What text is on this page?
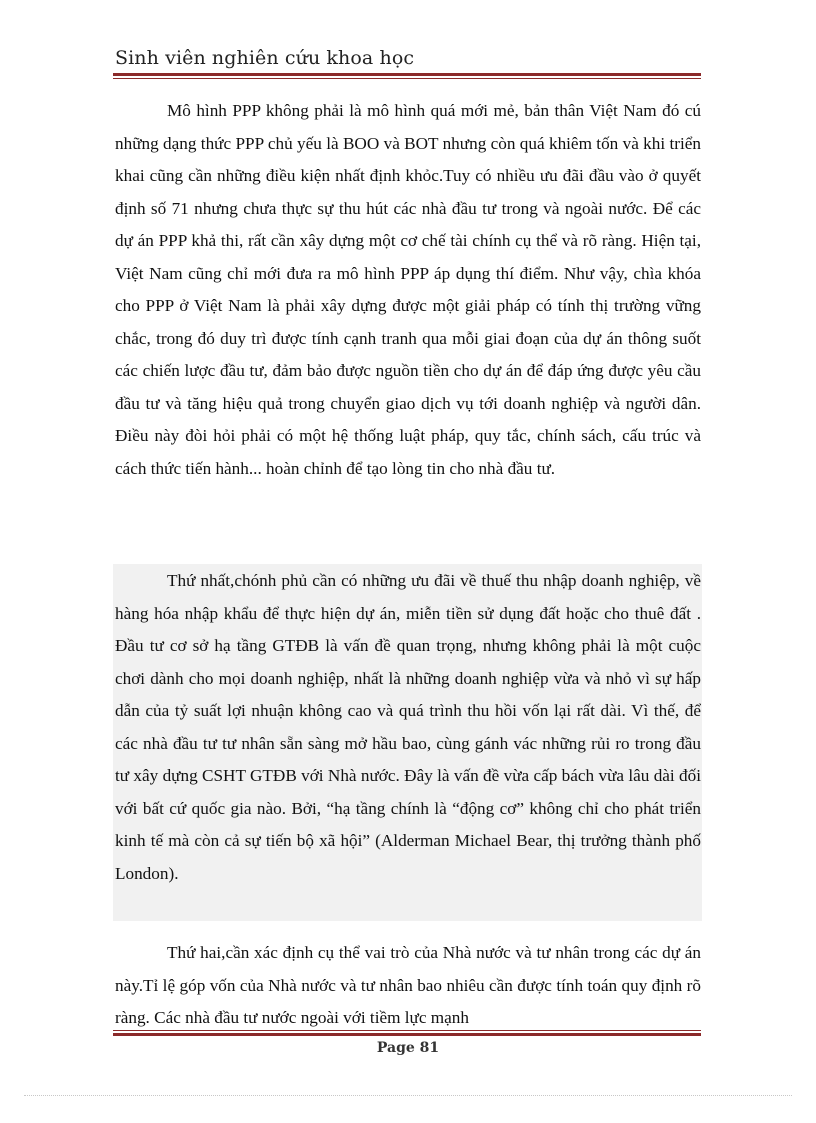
Sinh viên nghiên cứu khoa học

Mô hình PPP không phải là mô hình quá mới mẻ, bản thân Việt Nam đó cú những dạng thức PPP chủ yếu là BOO và BOT nhưng còn quá khiêm tốn và khi triển khai cũng cần những điều kiện nhất định khỏc.Tuy có nhiều ưu đãi đầu vào ở quyết định số 71 nhưng chưa thực sự thu hút các nhà đầu tư trong và ngoài nước. Để các dự án PPP khả thi, rất cần xây dựng một cơ chế tài chính cụ thể và rõ ràng. Hiện tại, Việt Nam cũng chỉ mới đưa ra mô hình PPP áp dụng thí điểm. Như vậy, chìa khóa cho PPP ở Việt Nam là phải xây dựng được một giải pháp có tính thị trường vững chắc, trong đó duy trì được tính cạnh tranh qua mỗi giai đoạn của dự án thông suốt các chiến lược đầu tư, đảm bảo được nguồn tiền cho dự án để đáp ứng được yêu cầu đầu tư và tăng hiệu quả trong chuyển giao dịch vụ tới doanh nghiệp và người dân. Điều này đòi hỏi phải có một hệ thống luật pháp, quy tắc, chính sách, cấu trúc và cách thức tiến hành... hoàn chỉnh để tạo lòng tin cho nhà đầu tư.

Thứ nhất,chónh phủ cần có những ưu đãi về thuế thu nhập doanh nghiệp, về hàng hóa nhập khẩu để thực hiện dự án, miễn tiền sử dụng đất hoặc cho thuê đất . Đầu tư cơ sở hạ tầng GTĐB là vấn đề quan trọng, nhưng không phải là một cuộc chơi dành cho mọi doanh nghiệp, nhất là những doanh nghiệp vừa và nhỏ vì sự hấp dẫn của tỷ suất lợi nhuận không cao và quá trình thu hồi vốn lại rất dài. Vì thế, để các nhà đầu tư tư nhân sẵn sàng mở hầu bao, cùng gánh vác những rủi ro trong đầu tư xây dựng CSHT GTĐB với Nhà nước. Đây là vấn đề vừa cấp bách vừa lâu dài đối với bất cứ quốc gia nào. Bởi, “hạ tầng chính là “động cơ” không chỉ cho phát triển kinh tế mà còn cả sự tiến bộ xã hội” (Alderman Michael Bear, thị trưởng thành phố London).

Thứ hai,cần xác định cụ thể vai trò của Nhà nước và tư nhân trong các dự án này.Tỉ lệ góp vốn của Nhà nước và tư nhân bao nhiêu cần được tính toán quy định rõ ràng. Các nhà đầu tư nước ngoài với tiềm lực mạnh

Page 81
